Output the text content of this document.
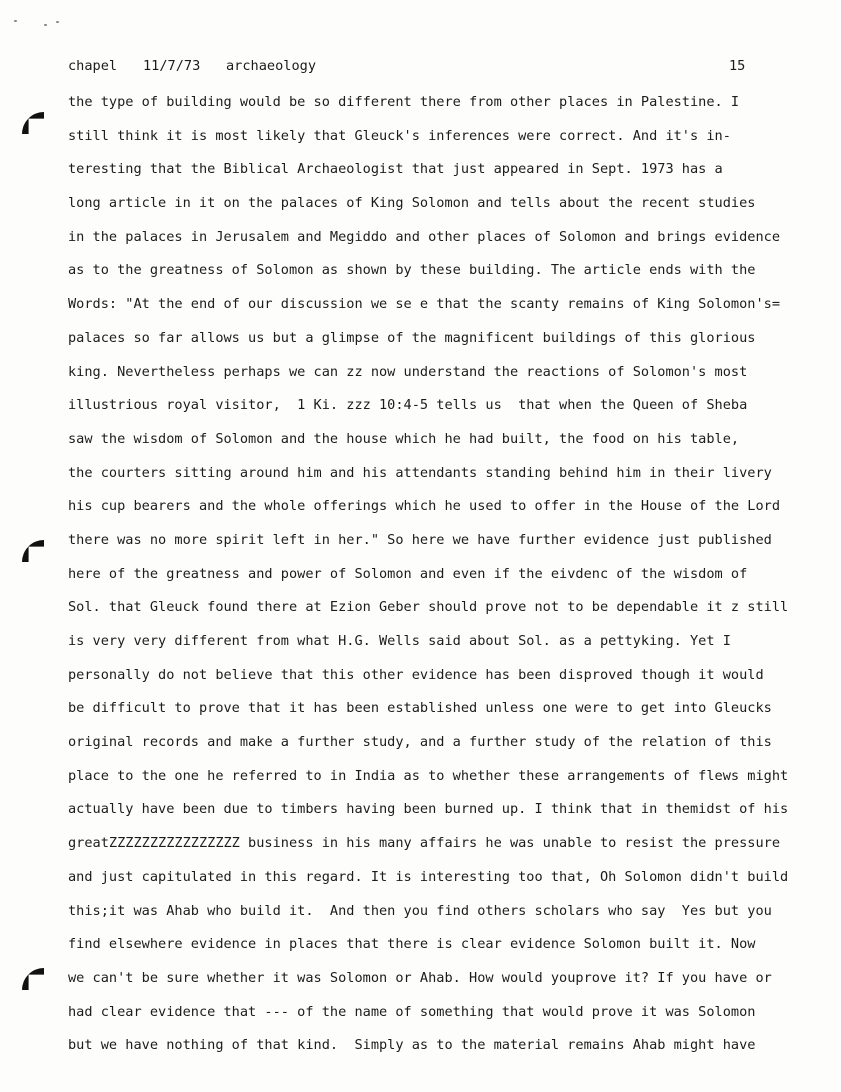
chapel 11/7/73 archaeology	15
the type of building would be so different there from other places in Palestine. I
still think it is most likely that Gleuck's inferences were correct. And it's in-
teresting that the Biblical Archaeologist that just appeared in Sept. 1973 has a
long article in it on the palaces of King Solomon and tells about the recent studies
in the palaces in Jerusalem and Megiddo and other places of Solomon and brings evidence
as to the greatness of Solomon as shown by these building. The article ends with the
Words: "At the end of our discussion we se e that the scanty remains of King Solomon's=
palaces so far allows us but a glimpse of the magnificent buildings of this glorious
king. Nevertheless perhaps we can zz now understand the reactions of Solomon's most
illustrious royal visitor,  1 Ki. zzz 10:4-5 tells us  that when the Queen of Sheba
saw the wisdom of Solomon and the house which he had built, the food on his table,
the courters sitting around him and his attendants standing behind him in their livery
his cup bearers and the whole offerings which he used to offer in the House of the Lord
there was no more spirit left in her." So here we have further evidence just published
here of the greatness and power of Solomon and even if the eivdenc of the wisdom of
Sol. that Gleuck found there at Ezion Geber should prove not to be dependable it z still
is very very different from what H.G. Wells said about Sol. as a pettyking. Yet I
personally do not believe that this other evidence has been disproved though it would
be difficult to prove that it has been established unless one were to get into Gleucks
original records and make a further study, and a further study of the relation of this
place to the one he referred to in India as to whether these arrangements of flews might
actually have been due to timbers having been burned up. I think that in themidst of his
greatZZZZZZZZZZZZZZZZ business in his many affairs he was unable to resist the pressure
and just capitulated in this regard. It is interesting too that, Oh Solomon didn't build
this;it was Ahab who build it.  And then you find others scholars who say  Yes but you
find elsewhere evidence in places that there is clear evidence Solomon built it. Now
we can't be sure whether it was Solomon or Ahab. How would youprove it? If you have or
had clear evidence that --- of the name of something that would prove it was Solomon
but we have nothing of that kind.  Simply as to the material remains Ahab might have
